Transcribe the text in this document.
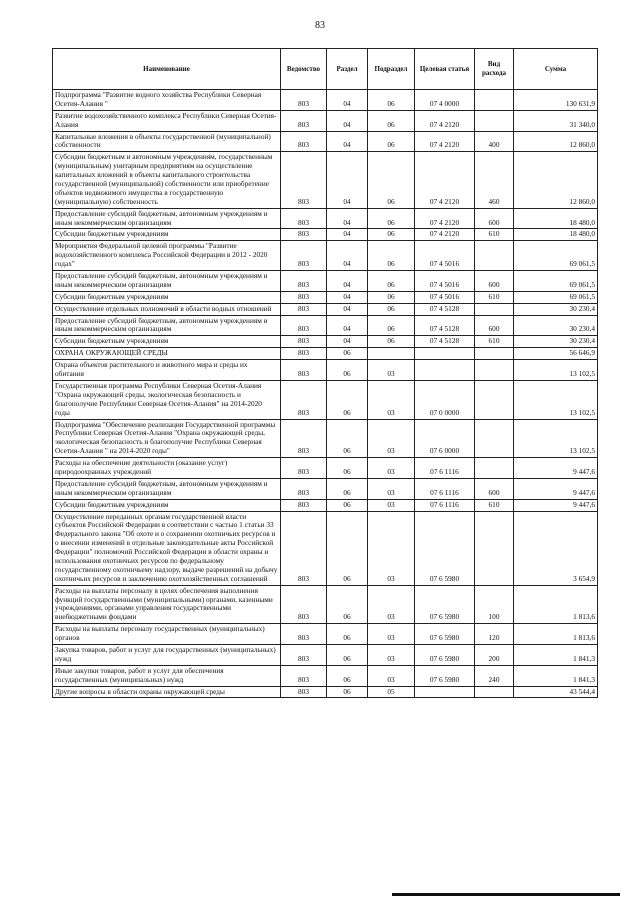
83
Наименование	Ведомство	Раздел	Подраздел	Целевая статья	Вид расхода	Сумма
Подпрограмма "Развитие водного хозяйства Республики Северная Осетия-Алания "	803	04	06	07 4 0000		130 631,9
Развитие водохозяйственного комплекса Республики Северная Осетия-Алания	803	04	06	07 4 2120		31 340,0
Капитальные вложения в объекты государственной (муниципальной) собственности	803	04	06	07 4 2120	400	12 860,0
Субсидии бюджетным и автономным учреждениям, государственным (муниципальным) унитарным предприятиям на осуществление капитальных вложений в объекты капитального строительства государственной (муниципальной) собственности или приобретение объектов недвижимого имущества в государственную (муниципальную) собственность	803	04	06	07 4 2120	460	12 860,0
Предоставление субсидий бюджетным, автономным учреждениям и иным некоммерческим организациям	803	04	06	07 4 2120	600	18 480,0
Субсидии бюджетным учреждениям	803	04	06	07 4 2120	610	18 480,0
Мероприятия Федеральной целевой программы "Развитие водохозяйственного комплекса Российской Федерации в 2012 - 2020 годах"	803	04	06	07 4 5016		69 061,5
Предоставление субсидий бюджетным, автономным учреждениям и иным некоммерческим организациям	803	04	06	07 4 5016	600	69 061,5
Субсидии бюджетным учреждениям	803	04	06	07 4 5016	610	69 061,5
Осуществление отдельных полномочий в области водных отношений	803	04	06	07 4 5128		30 230,4
Предоставление субсидий бюджетным, автономным учреждениям и иным некоммерческим организациям	803	04	06	07 4 5128	600	30 230,4
Субсидии бюджетным учреждениям	803	04	06	07 4 5128	610	30 230,4
ОХРАНА ОКРУЖАЮЩЕЙ СРЕДЫ	803	06				56 646,9
Охрана объектов растительного и животного мира и среды их обитания	803	06	03			13 102,5
Государственная программа Республики Северная Осетия-Алания "Охрана окружающей среды, экологическая безопасность и благополучие Республики Северная Осетия-Алания" на 2014-2020 годы	803	06	03	07 0 0000		13 102,5
Подпрограмма "Обеспечение реализации Государственной программы Республики Северная Осетия-Алания "Охрана окружающей среды, экологическая безопасность и благополучие Республики Северная Осетия-Алания " на 2014-2020 годы"	803	06	03	07 6 0000		13 102,5
Расходы на обеспечение деятельности (оказание услуг) природоохранных учреждений	803	06	03	07 6 1116		9 447,6
Предоставление субсидий бюджетным, автономным учреждениям и иным некоммерческим организациям	803	06	03	07 6 1116	600	9 447,6
Субсидии бюджетным учреждениям	803	06	03	07 6 1116	610	9 447,6
Осуществление переданных органам государственной власти субъектов Российской Федерации в соответствии с частью 1 статьи 33 Федерального закона "Об охоте и о сохранении охотничьих ресурсов и о внесении изменений в отдельные законодательные акты Российской Федерации" полномочий Российской Федерации в области охраны и использования охотничьих ресурсов по федеральному государственному охотничьему надзору, выдаче разрешений на добычу охотничьих ресурсов и заключению охотхозяйственных соглашений	803	06	03	07 6 5980		3 654,9
Расходы на выплаты персоналу в целях обеспечения выполнения функций государственными (муниципальными) органами, казенными учреждениями, органами управления государственными внебюджетными фондами	803	06	03	07 6 5980	100	1 813,6
Расходы на выплаты персоналу государственных (муниципальных) органов	803	06	03	07 6 5980	120	1 813,6
Закупка товаров, работ и услуг для государственных (муниципальных) нужд	803	06	03	07 6 5980	200	1 841,3
Иные закупки товаров, работ и услуг для обеспечения государственных (муниципальных) нужд	803	06	03	07 6 5980	240	1 841,3
Другие вопросы в области охраны окружающей среды	803	06	05			43 544,4
